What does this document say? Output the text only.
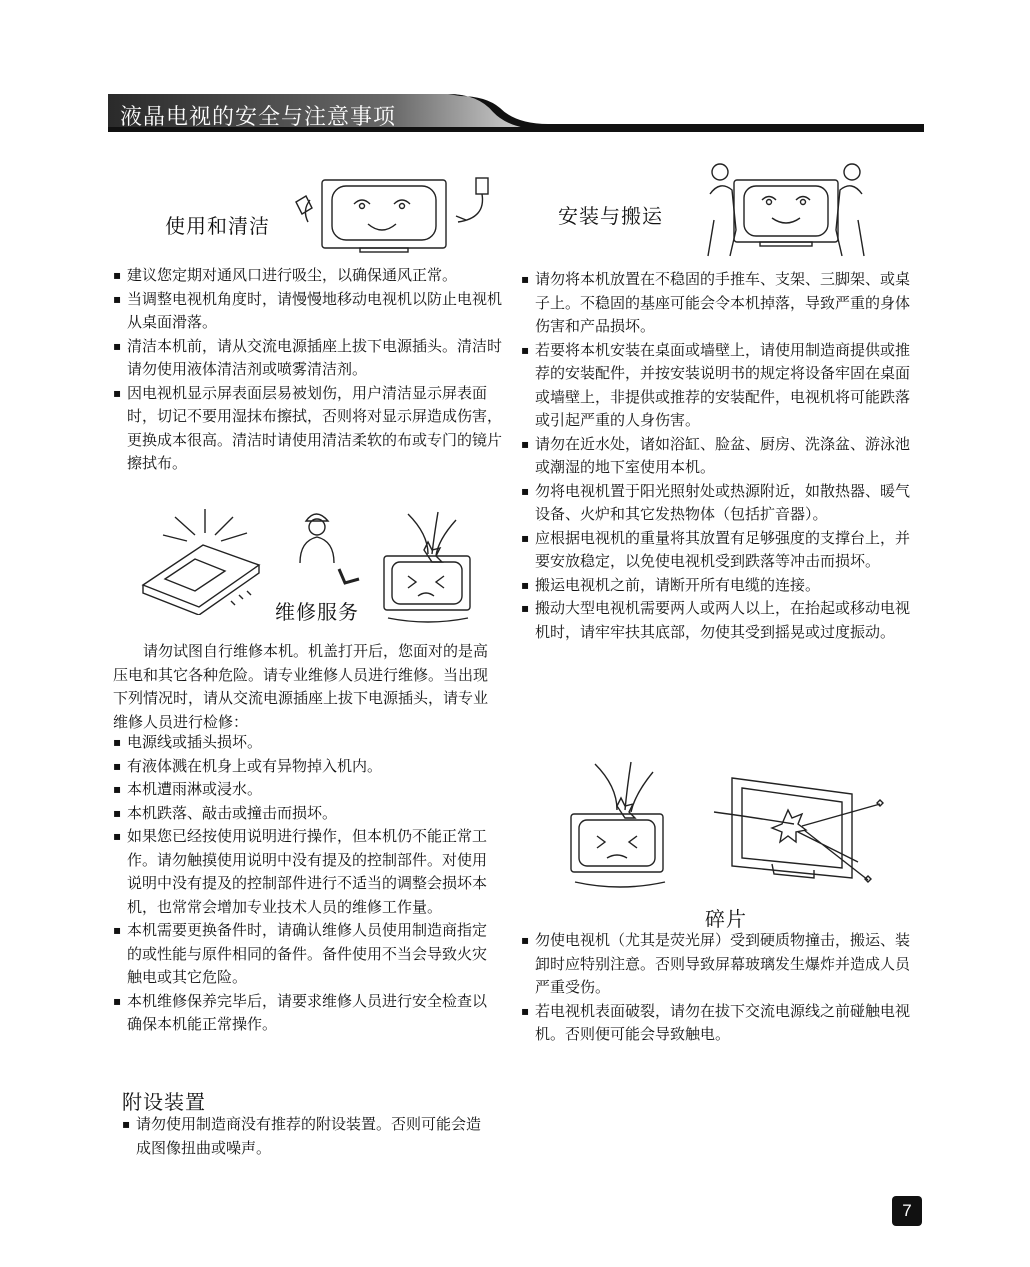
液晶电视的安全与注意事项
使用和清洁
▪ 建议您定期对通风口进行吸尘，以确保通风正常。
▪ 当调整电视机角度时，请慢慢地移动电视机以防止电视机从桌面滑落。
▪ 清洁本机前，请从交流电源插座上拔下电源插头。清洁时请勿使用液体清洁剂或喷雾清洁剂。
▪ 因电视机显示屏表面层易被划伤，用户清洁显示屏表面时，切记不要用湿抹布擦拭，否则将对显示屏造成伤害，更换成本很高。清洁时请使用清洁柔软的布或专门的镜片擦拭布。
维修服务

请勿试图自行维修本机。机盖打开后，您面对的是高压电和其它各种危险。请专业维修人员进行维修。当出现下列情况时，请从交流电源插座上拔下电源插头，请专业维修人员进行检修：

▪ 电源线或插头损坏。
▪ 有液体溅在机身上或有异物掉入机内。
▪ 本机遭雨淋或浸水。
▪ 本机跌落、敲击或撞击而损坏。
▪ 如果您已经按使用说明进行操作，但本机仍不能正常工作。请勿触摸使用说明中没有提及的控制部件。对使用说明中没有提及的控制部件进行不适当的调整会损坏本机，也常常会增加专业技术人员的维修工作量。
▪ 本机需要更换备件时，请确认维修人员使用制造商指定的或性能与原件相同的备件。备件使用不当会导致火灾触电或其它危险。
▪ 本机维修保养完毕后，请要求维修人员进行安全检查以确保本机能正常操作。
附设装置
▪ 请勿使用制造商没有推荐的附设装置。否则可能会造成图像扭曲或噪声。
安装与搬运
▪ 请勿将本机放置在不稳固的手推车、支架、三脚架、或桌子上。不稳固的基座可能会令本机掉落，导致严重的身体伤害和产品损坏。
▪ 若要将本机安装在桌面或墙壁上，请使用制造商提供或推荐的安装配件，并按安装说明书的规定将设备牢固在桌面或墙壁上，非提供或推荐的安装配件，电视机将可能跌落或引起严重的人身伤害。
▪ 请勿在近水处，诸如浴缸、脸盆、厨房、洗涤盆、游泳池或潮湿的地下室使用本机。
▪ 勿将电视机置于阳光照射处或热源附近，如散热器、暖气设备、火炉和其它发热物体（包括扩音器）。
▪ 应根据电视机的重量将其放置有足够强度的支撑台上，并要安放稳定，以免使电视机受到跌落等冲击而损坏。
▪ 搬运电视机之前，请断开所有电缆的连接。
▪ 搬动大型电视机需要两人或两人以上，在抬起或移动电视机时，请牢牢扶其底部，勿使其受到摇晃或过度振动。
碎片
▪ 勿使电视机（尤其是荧光屏）受到硬质物撞击，搬运、装卸时应特别注意。否则导致屏幕玻璃发生爆炸并造成人员严重受伤。
▪ 若电视机表面破裂，请勿在拔下交流电源线之前碰触电视机。否则便可能会导致触电。
7
